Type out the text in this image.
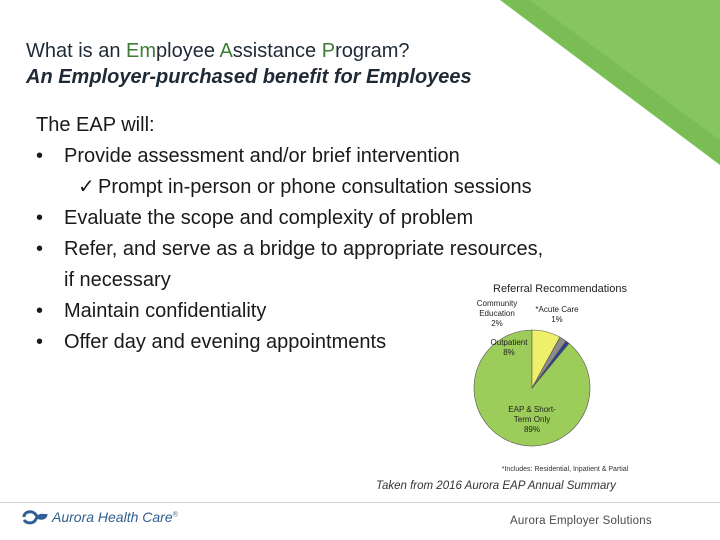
What is an Employee Assistance Program?
An Employer-purchased benefit for Employees
The EAP will:
• Provide assessment and/or brief intervention
✓ Prompt in-person or phone consultation sessions
• Evaluate the scope and complexity of problem
• Refer, and serve as a bridge to appropriate resources,
if necessary
• Maintain confidentiality
• Offer day and evening appointments
Referral Recommendations
EAP & Short-Term Only 89%
Outpatient 8%
Community Education 2%
*Acute Care 1%
*Includes: Residential, Inpatient & Partial
Taken from 2016 Aurora EAP Annual Summary
Aurora Health Care®
Aurora Employer Solutions
